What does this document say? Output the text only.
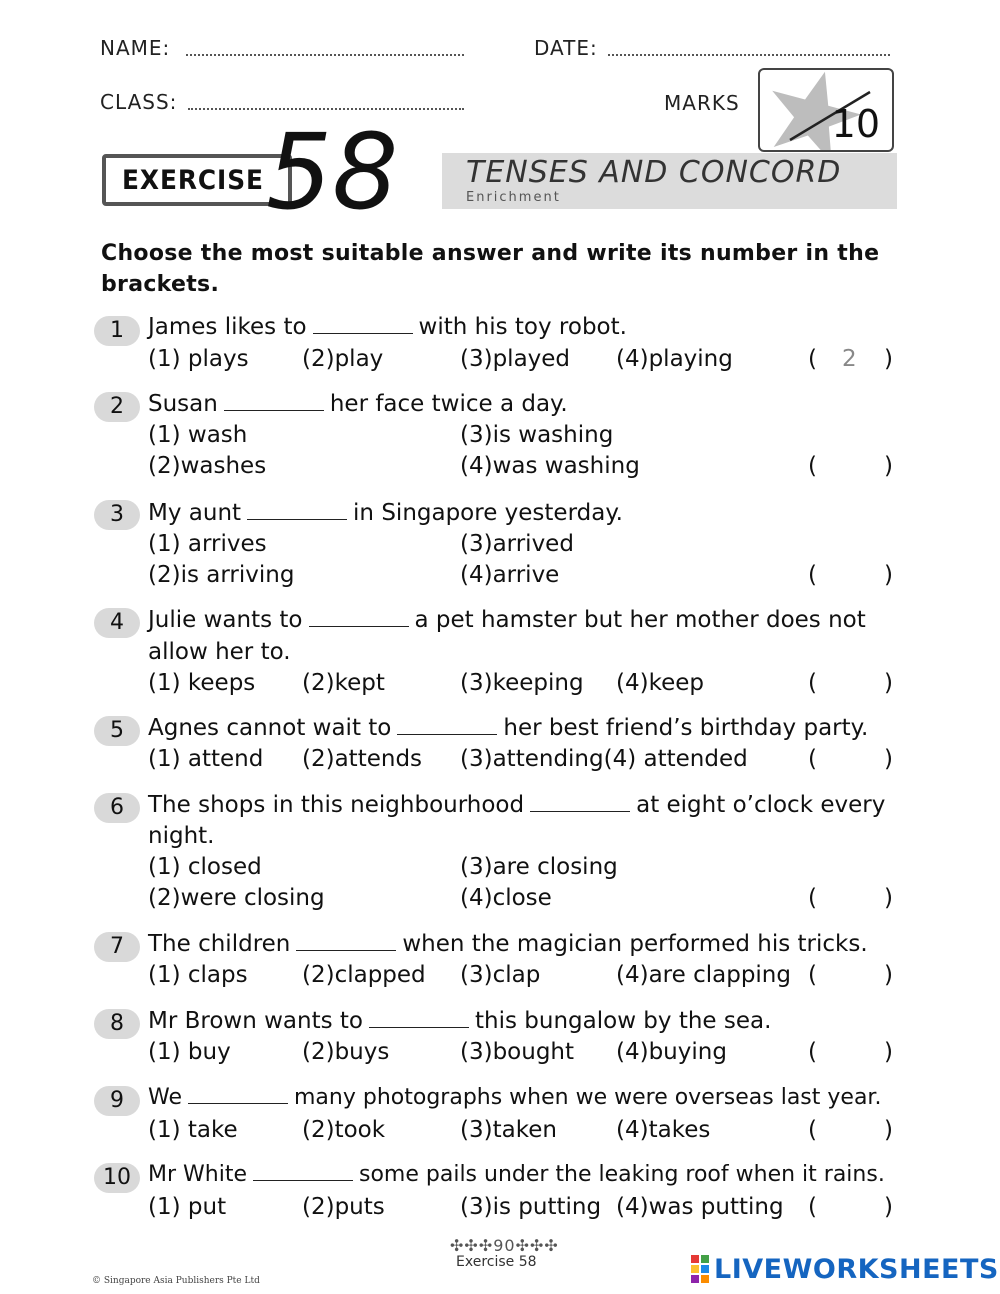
NAME:	DATE:
CLASS:	MARKS 10
EXERCISE 58 TENSES AND CONCORD
Enrichment
Choose the most suitable answer and write its number in the brackets.
1	James likes to	with his toy robot.
(1) plays (2)play	(3)played (4)playing	( 2 )
2	Susan	her face twice a day.
(1) wash	(3)is washing
(2)washes	(4)was washing	(	)
3	My aunt	in Singapore yesterday.
(1) arrives	(3)arrived
(2)is arriving	(4)arrive	(	)
4	Julie wants to	a pet hamster but her mother does not
allow her to.
(1) keeps (2)kept	(3)keeping (4)keep	(	)
5	Agnes cannot wait to	her best friend’s birthday party.
(1) attend (2)attends (3)attending(4) attended	(	)
6	The shops in this neighbourhood	at eight o’clock every
night.
(1) closed	(3)are closing
(2)were closing	(4)close	(	)
7	The children	when the magician performed his tricks.
(1) claps (2)clapped (3)clap	(4)are clapping (	)
8	Mr Brown wants to	this bungalow by the sea.
(1) buy	(2)buys	(3)bought (4)buying	(	)
9	We	many photographs when we were overseas last year.
(1) take	(2)took	(3)taken	(4)takes	(	)
10 Mr White	some pails under the leaking roof when it rains.
(1) put	(2)puts	(3)is putting (4)was putting (	)
✣✣✣90✣✣✣
Exercise 58
© Singapore Asia Publishers Pte Ltd	LIVEWORKSHEETS
